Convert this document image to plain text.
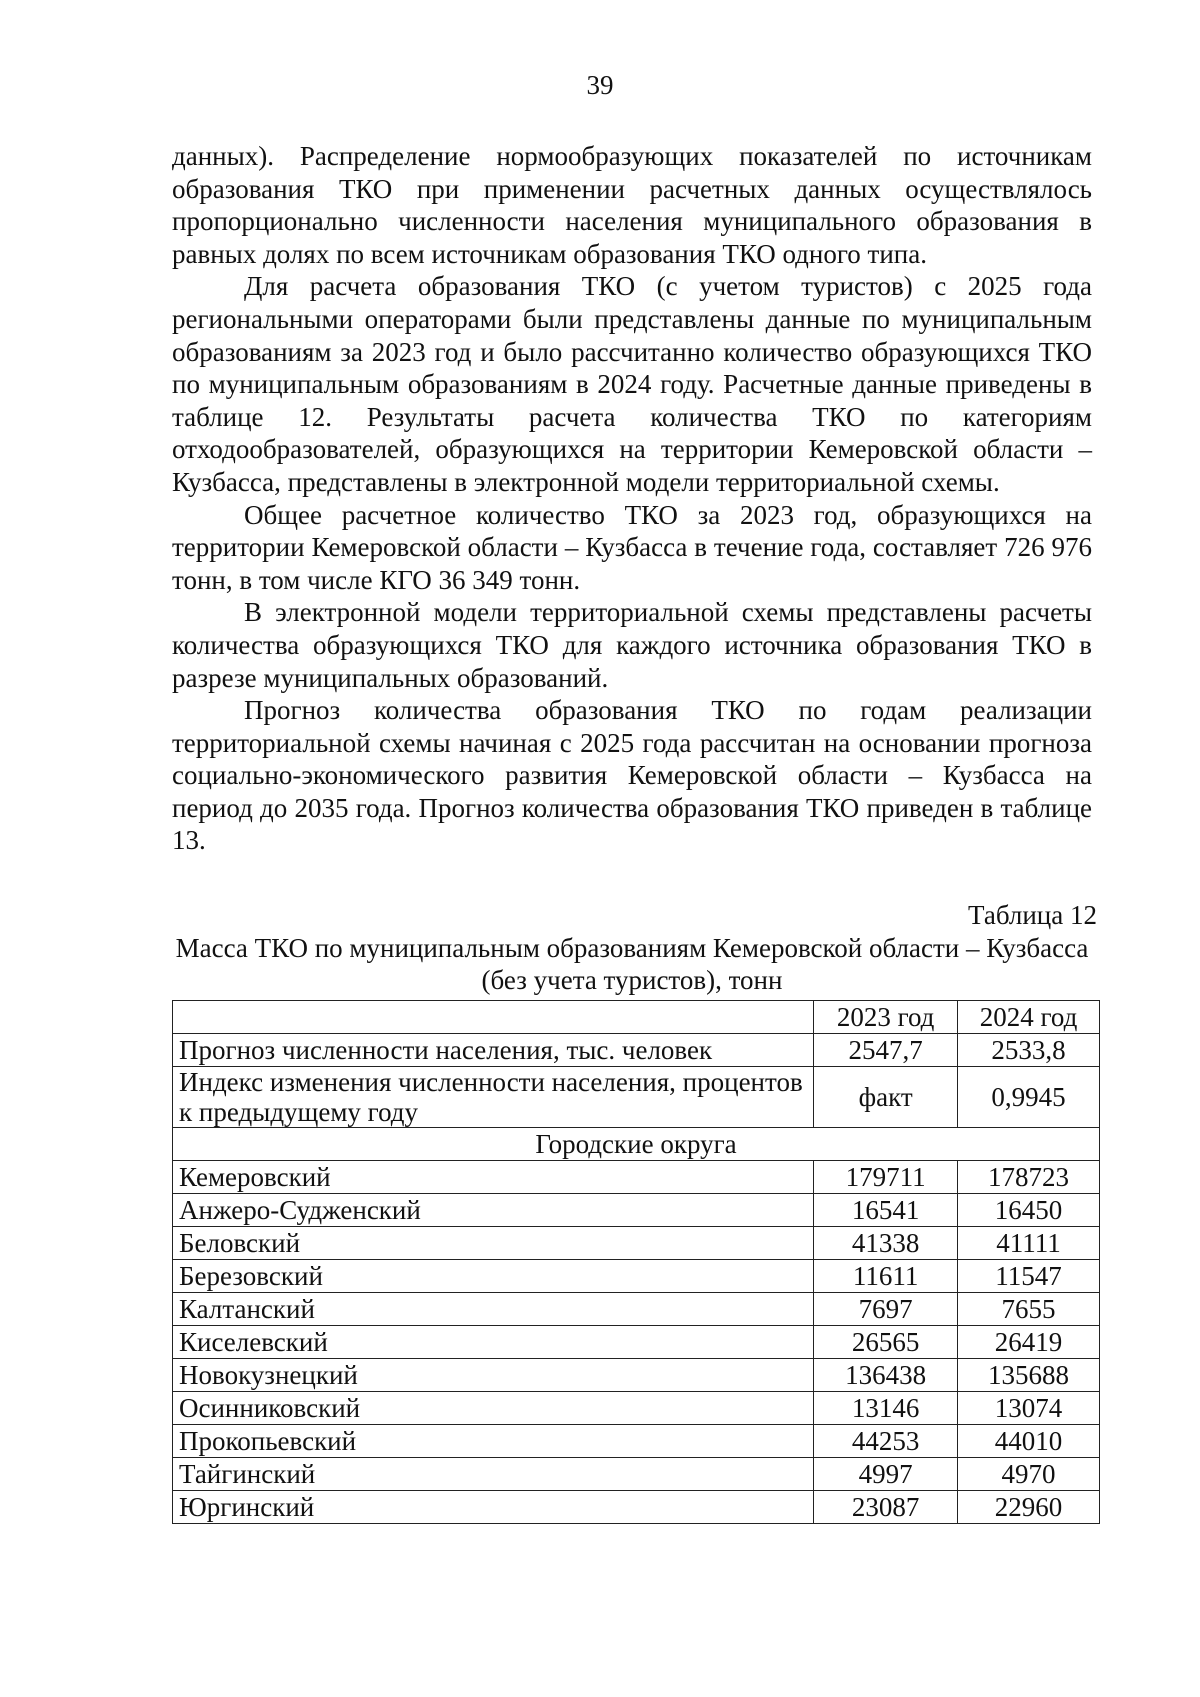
39

данных). Распределение нормообразующих показателей по источникам образования ТКО при применении расчетных данных осуществлялось пропорционально численности населения муниципального образования в равных долях по всем источникам образования ТКО одного типа.

Для расчета образования ТКО (с учетом туристов) с 2025 года региональными операторами были представлены данные по муниципальным образованиям за 2023 год и было рассчитанно количество образующихся ТКО по муниципальным образованиям в 2024 году. Расчетные данные приведены в таблице 12. Результаты расчета количества ТКО по категориям отходообразователей, образующихся на территории Кемеровской области – Кузбасса, представлены в электронной модели территориальной схемы.

Общее расчетное количество ТКО за 2023 год, образующихся на территории Кемеровской области – Кузбасса в течение года, составляет 726 976 тонн, в том числе КГО 36 349 тонн.

В электронной модели территориальной схемы представлены расчеты количества образующихся ТКО для каждого источника образования ТКО в разрезе муниципальных образований.

Прогноз количества образования ТКО по годам реализации территориальной схемы начиная с 2025 года рассчитан на основании прогноза социально-экономического развития Кемеровской области – Кузбасса на период до 2035 года. Прогноз количества образования ТКО приведен в таблице 13.

Таблица 12
Масса ТКО по муниципальным образованиям Кемеровской области – Кузбасса (без учета туристов), тонн
	2023 год	2024 год
Прогноз численности населения, тыс. человек	2547,7	2533,8
Индекс изменения численности населения, процентов к предыдущему году	факт	0,9945
Городские округа		
Кемеровский	179711	178723
Анжеро-Судженский	16541	16450
Беловский	41338	41111
Березовский	11611	11547
Калтанский	7697	7655
Киселевский	26565	26419
Новокузнецкий	136438	135688
Осинниковский	13146	13074
Прокопьевский	44253	44010
Тайгинский	4997	4970
Юргинский	23087	22960
